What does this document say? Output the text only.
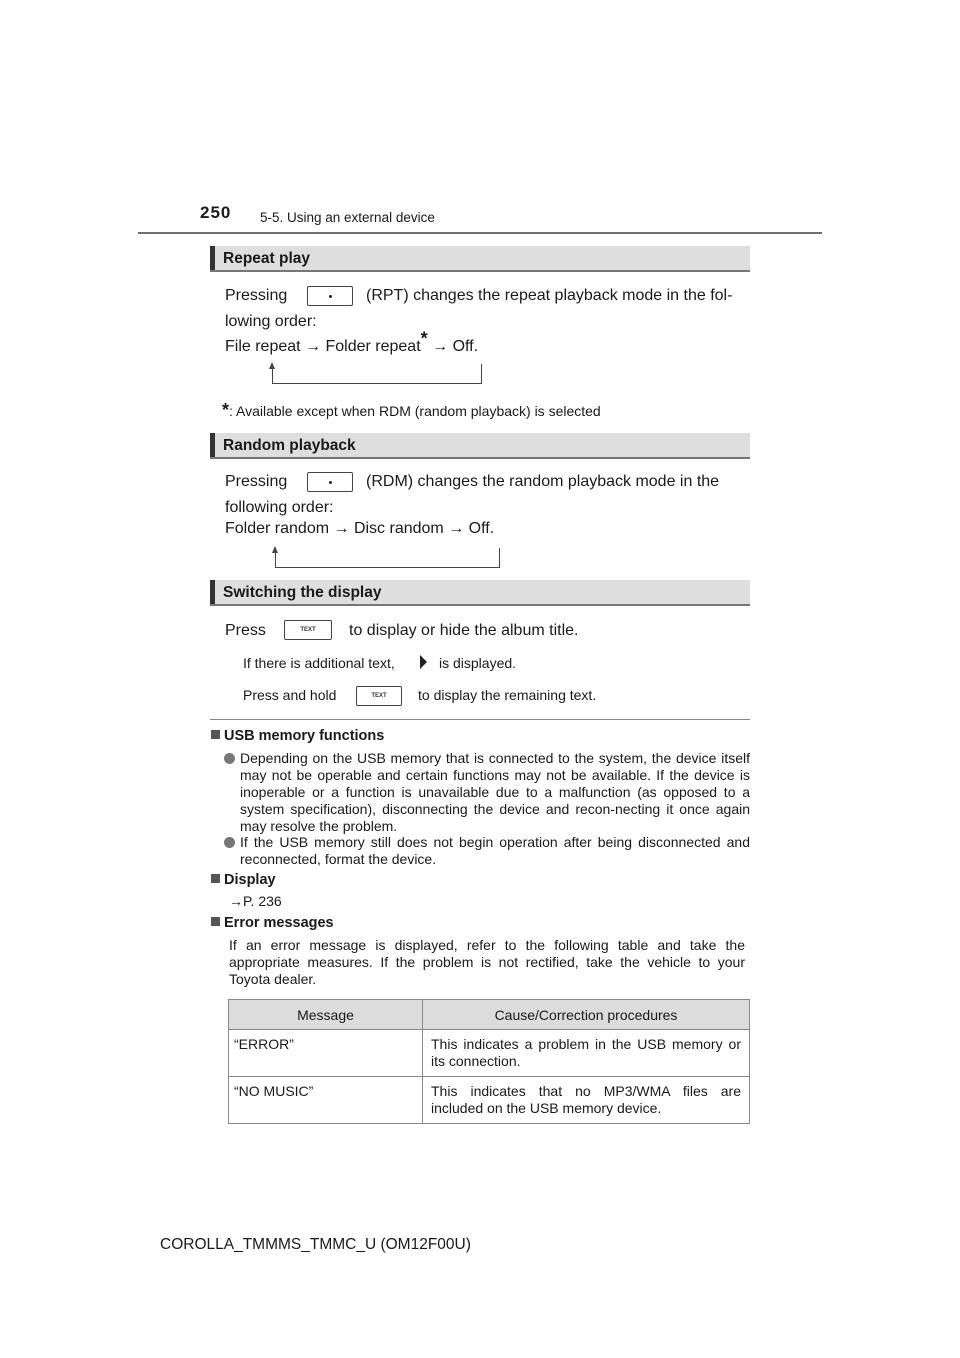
250 5-5. Using an external device
Repeat play
Pressing	(RPT) changes the repeat playback mode in the fol-
lowing order:
File repeat → Folder repeat* → Off.
*: Available except when RDM (random playback) is selected
Random playback
Pressing	(RDM) changes the random playback mode in the
following order:
Folder random → Disc random → Off.
Switching the display
Press	TEXT	to display or hide the album title.
If there is additional text,	is displayed.
Press and hold	TEXT	to display the remaining text.
USB memory functions
Depending on the USB memory that is connected to the system, the device itself may not be operable and certain functions may not be available. If the device is inoperable or a function is unavailable due to a malfunction (as opposed to a system specification), disconnecting the device and recon-necting it once again may resolve the problem.
If the USB memory still does not begin operation after being disconnected and reconnected, format the device.
Display
→P. 236
Error messages
If an error message is displayed, refer to the following table and take the appropriate measures. If the problem is not rectified, take the vehicle to your Toyota dealer.
Message	Cause/Correction procedures
“ERROR”	This indicates a problem in the USB memory or its connection.
“NO MUSIC”	This indicates that no MP3/WMA files are included on the USB memory device.
COROLLA_TMMMS_TMMC_U (OM12F00U)
